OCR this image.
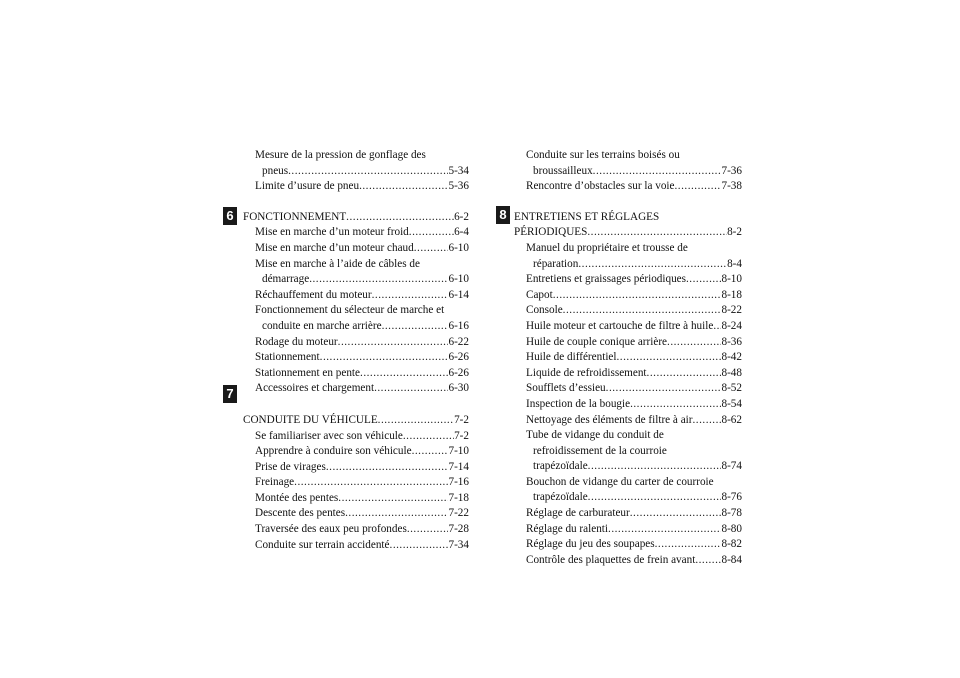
6
7
8
Mesure de la pression de gonflage des
pneus .....	5-34
Limite d’usure de pneu .....	5-36
FONCTIONNEMENT .....	6-2
Mise en marche d’un moteur froid .....	6-4
Mise en marche d’un moteur chaud .....	6-10
Mise en marche à l’aide de câbles de
démarrage .....	6-10
Réchauffement du moteur .....	6-14
Fonctionnement du sélecteur de marche et
conduite en marche arrière .....	6-16
Rodage du moteur .....	6-22
Stationnement .....	6-26
Stationnement en pente .....	6-26
Accessoires et chargement .....	6-30
CONDUITE DU VÉHICULE .....	7-2
Se familiariser avec son véhicule .....	7-2
Apprendre à conduire son véhicule .....	7-10
Prise de virages .....	7-14
Freinage .....	7-16
Montée des pentes .....	7-18
Descente des pentes .....	7-22
Traversée des eaux peu profondes .....	7-28
Conduite sur terrain accidenté .....	7-34
Conduite sur les terrains boisés ou
broussailleux .....	7-36
Rencontre d’obstacles sur la voie .....	7-38
ENTRETIENS ET RÉGLAGES
PÉRIODIQUES .....	8-2
Manuel du propriétaire et trousse de
réparation .....	8-4
Entretiens et graissages périodiques .....	8-10
Capot .....	8-18
Console .....	8-22
Huile moteur et cartouche de filtre à huile ..... 8-24
Huile de couple conique arrière .....	8-36
Huile de différentiel .....	8-42
Liquide de refroidissement .....	8-48
Soufflets d’essieu .....	8-52
Inspection de la bougie .....	8-54
Nettoyage des éléments de filtre à air .....	8-62
Tube de vidange du conduit de
refroidissement de la courroie
trapézoïdale .....	8-74
Bouchon de vidange du carter de courroie
trapézoïdale .....	8-76
Réglage de carburateur .....	8-78
Réglage du ralenti .....	8-80
Réglage du jeu des soupapes .....	8-82
Contrôle des plaquettes de frein avant ..... 8-84
